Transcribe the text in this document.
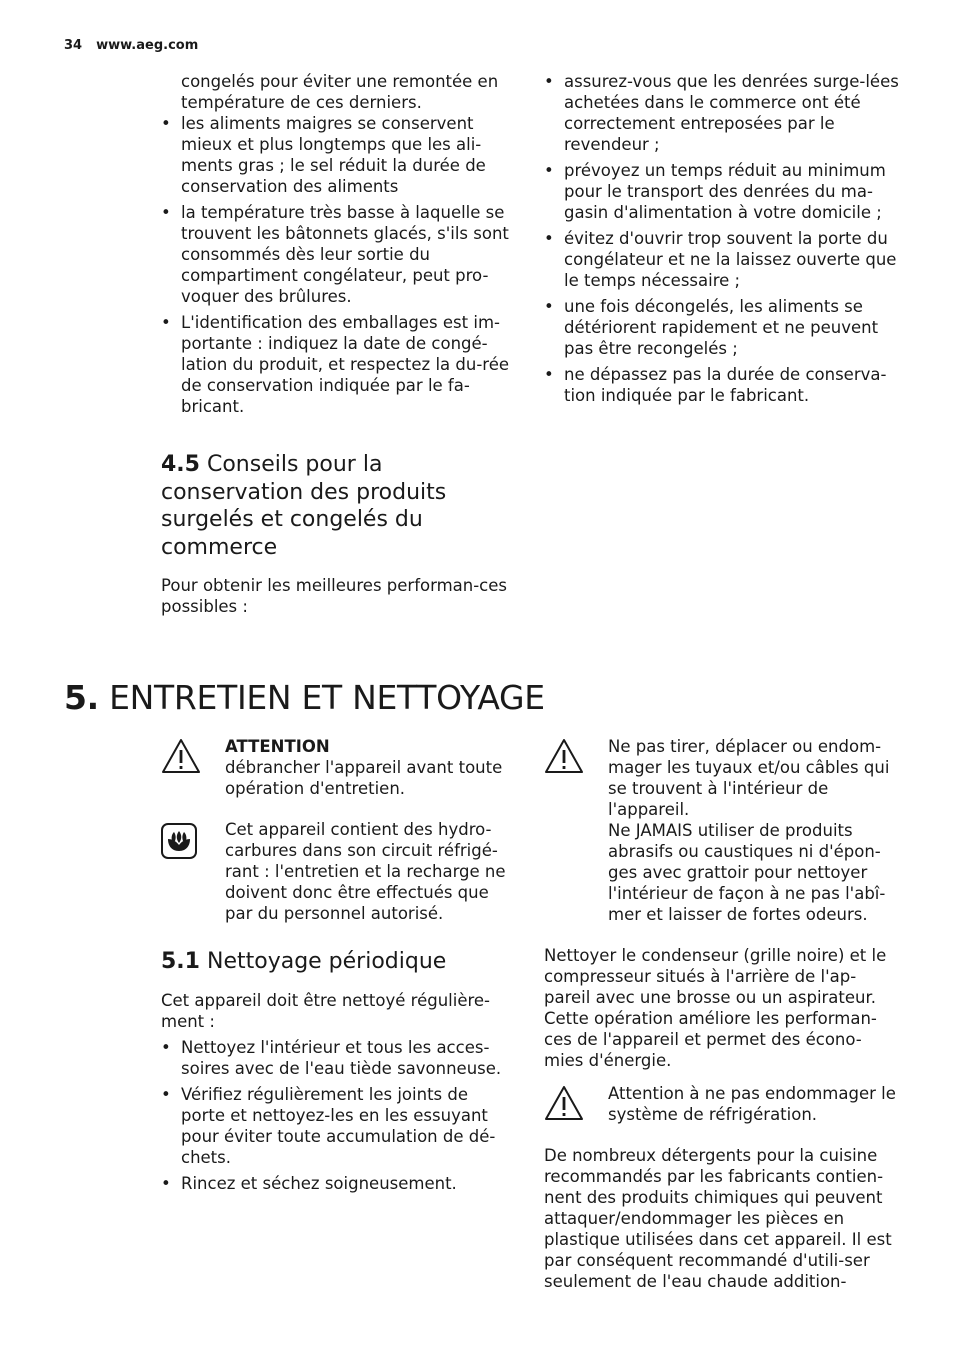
34 www.aeg.com

congelés pour éviter une remontée en température de ces derniers.

• les aliments maigres se conservent mieux et plus longtemps que les ali-ments gras ; le sel réduit la durée de conservation des aliments
• la température très basse à laquelle se trouvent les bâtonnets glacés, s'ils sont consommés dès leur sortie du compartiment congélateur, peut pro-voquer des brûlures.
• L'identification des emballages est im-portante : indiquez la date de congé-lation du produit, et respectez la du-rée de conservation indiquée par le fa-bricant.
4.5 Conseils pour la conservation des produits surgelés et congelés du commerce

Pour obtenir les meilleures performan-ces possibles :

• assurez-vous que les denrées surge-lées achetées dans le commerce ont été correctement entreposées par le revendeur ;
• prévoyez un temps réduit au minimum pour le transport des denrées du ma-gasin d'alimentation à votre domicile ;
• évitez d'ouvrir trop souvent la porte du congélateur et ne la laissez ouverte que le temps nécessaire ;
• une fois décongelés, les aliments se détériorent rapidement et ne peuvent pas être recongelés ;
• ne dépassez pas la durée de conserva-tion indiquée par le fabricant.
5. ENTRETIEN ET NETTOYAGE
ATTENTION
débrancher l'appareil avant toute opération d'entretien.
Cet appareil contient des hydro-carbures dans son circuit réfrigé-rant : l'entretien et la recharge ne doivent donc être effectués que par du personnel autorisé.
5.1 Nettoyage périodique

Cet appareil doit être nettoyé régulière-ment :

• Nettoyez l'intérieur et tous les acces-soires avec de l'eau tiède savonneuse.
• Vérifiez régulièrement les joints de porte et nettoyez-les en les essuyant pour éviter toute accumulation de dé-chets.
• Rincez et séchez soigneusement.
Ne pas tirer, déplacer ou endom-mager les tuyaux et/ou câbles qui se trouvent à l'intérieur de l'appareil.
Ne JAMAIS utiliser de produits abrasifs ou caustiques ni d'épon-ges avec grattoir pour nettoyer l'intérieur de façon à ne pas l'abî-mer et laisser de fortes odeurs.

Nettoyer le condenseur (grille noire) et le compresseur situés à l'arrière de l'ap-pareil avec une brosse ou un aspirateur. Cette opération améliore les performan-ces de l'appareil et permet des écono-mies d'énergie.

Attention à ne pas endommager le système de réfrigération.

De nombreux détergents pour la cuisine recommandés par les fabricants contien-nent des produits chimiques qui peuvent attaquer/endommager les pièces en plastique utilisées dans cet appareil. Il est par conséquent recommandé d'utili-ser seulement de l'eau chaude addition-
